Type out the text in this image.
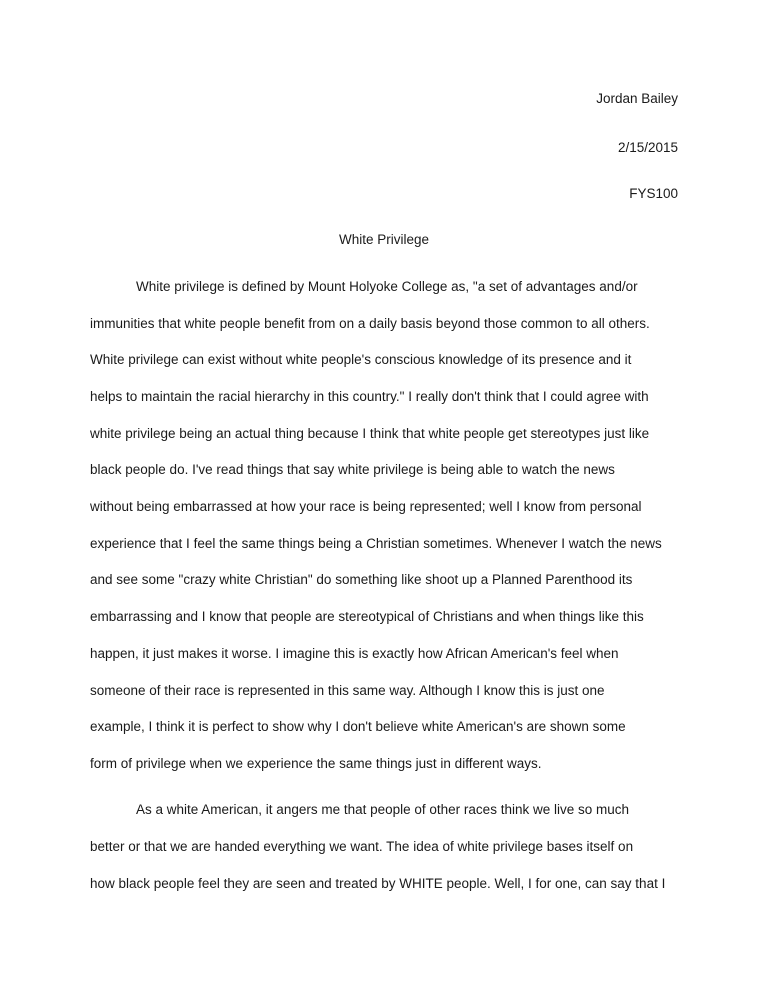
Jordan Bailey
2/15/2015
FYS100
White Privilege
White privilege is defined by Mount Holyoke College as, "a set of advantages and/or
immunities that white people benefit from on a daily basis beyond those common to all others.
White privilege can exist without white people's conscious knowledge of its presence and it
helps to maintain the racial hierarchy in this country." I really don't think that I could agree with
white privilege being an actual thing because I think that white people get stereotypes just like
black people do. I've read things that say white privilege is being able to watch the news
without being embarrassed at how your race is being represented; well I know from personal
experience that I feel the same things being a Christian sometimes. Whenever I watch the news
and see some "crazy white Christian" do something like shoot up a Planned Parenthood its
embarrassing and I know that people are stereotypical of Christians and when things like this
happen, it just makes it worse. I imagine this is exactly how African American's feel when
someone of their race is represented in this same way. Although I know this is just one
example, I think it is perfect to show why I don't believe white American's are shown some
form of privilege when we experience the same things just in different ways.
As a white American, it angers me that people of other races think we live so much
better or that we are handed everything we want. The idea of white privilege bases itself on
how black people feel they are seen and treated by WHITE people. Well, I for one, can say that I
